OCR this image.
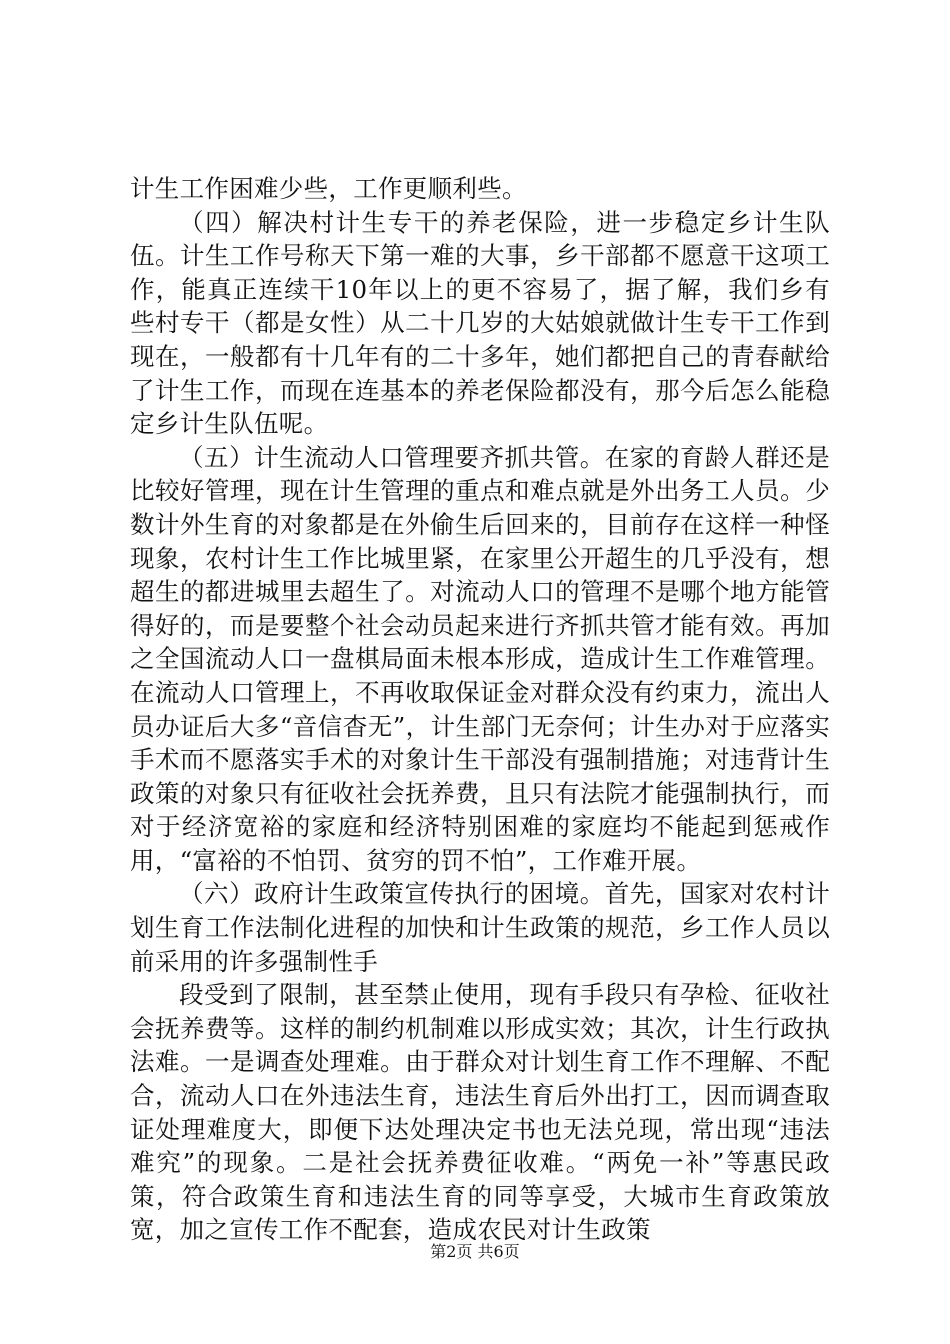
计生工作困难少些，工作更顺利些。

（四）解决村计生专干的养老保险，进一步稳定乡计生队伍。计生工作号称天下第一难的大事，乡干部都不愿意干这项工作，能真正连续干10年以上的更不容易了，据了解，我们乡有些村专干（都是女性）从二十几岁的大姑娘就做计生专干工作到现在，一般都有十几年有的二十多年，她们都把自己的青春献给了计生工作，而现在连基本的养老保险都没有，那今后怎么能稳定乡计生队伍呢。

（五）计生流动人口管理要齐抓共管。在家的育龄人群还是比较好管理，现在计生管理的重点和难点就是外出务工人员。少数计外生育的对象都是在外偷生后回来的，目前存在这样一种怪现象，农村计生工作比城里紧，在家里公开超生的几乎没有，想超生的都进城里去超生了。对流动人口的管理不是哪个地方能管得好的，而是要整个社会动员起来进行齐抓共管才能有效。再加之全国流动人口一盘棋局面未根本形成，造成计生工作难管理。在流动人口管理上，不再收取保证金对群众没有约束力，流出人员办证后大多“音信杳无”，计生部门无奈何；计生办对于应落实手术而不愿落实手术的对象计生干部没有强制措施；对违背计生政策的对象只有征收社会抚养费，且只有法院才能强制执行，而对于经济宽裕的家庭和经济特别困难的家庭均不能起到惩戒作用，“富裕的不怕罚、贫穷的罚不怕”，工作难开展。

（六）政府计生政策宣传执行的困境。首先，国家对农村计划生育工作法制化进程的加快和计生政策的规范，乡工作人员以前采用的许多强制性手

段受到了限制，甚至禁止使用，现有手段只有孕检、征收社会抚养费等。这样的制约机制难以形成实效；其次，计生行政执法难。一是调查处理难。由于群众对计划生育工作不理解、不配合，流动人口在外违法生育，违法生育后外出打工，因而调查取证处理难度大，即便下达处理决定书也无法兑现，常出现“违法难究”的现象。二是社会抚养费征收难。“两免一补”等惠民政策，符合政策生育和违法生育的同等享受，大城市生育政策放宽，加之宣传工作不配套，造成农民对计生政策

第2页 共6页
